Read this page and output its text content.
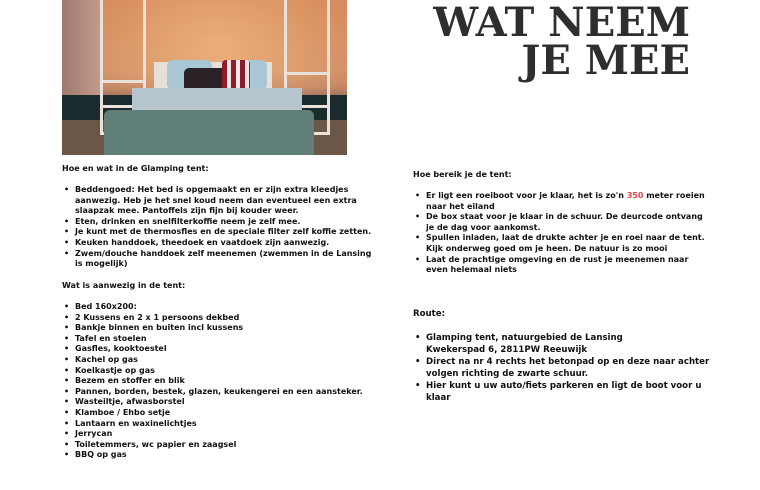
WAT NEEM
JE MEE
Hoe en wat in de Glamping tent:
• Beddengoed: Het bed is opgemaakt en er zijn extra kleedjes aanwezig. Heb je het snel koud neem dan eventueel een extra slaapzak mee. Pantoffels zijn fijn bij kouder weer.
• Eten, drinken en snelfilterkoffie neem je zelf mee.
• Je kunt met de thermosfles en de speciale filter zelf koffie zetten.
• Keuken handdoek, theedoek en vaatdoek zijn aanwezig.
• Zwem/douche handdoek zelf meenemen (zwemmen in de Lansing is mogelijk)
Wat is aanwezig in de tent:
• Bed 160x200:
• 2 Kussens en 2 x 1 persoons dekbed
• Bankje binnen en buiten incl kussens
• Tafel en stoelen
• Gasfles, kooktoestel
• Kachel op gas
• Koelkastje op gas
• Bezem en stoffer en blik
• Pannen, borden, bestek, glazen, keukengerei en een aansteker.
• Wasteiltje, afwasborstel
• Klamboe / Ehbo setje
• Lantaarn en waxinelichtjes
• Jerrycan
• Toiletemmers, wc papier en zaagsel
• BBQ op gas
Hoe bereik je de tent:
• Er ligt een roeiboot voor je klaar, het is zo'n 350 meter roeien naar het eiland
• De box staat voor je klaar in de schuur. De deurcode ontvang je de dag voor aankomst.
• Spullen inladen, laat de drukte achter je en roei naar de tent. Kijk onderweg goed om je heen. De natuur is zo mooi
• Laat de prachtige omgeving en de rust je meenemen naar even helemaal niets
Route:
• Glamping tent, natuurgebied de Lansing
Kwekerspad 6, 2811PW Reeuwijk
• Direct na nr 4 rechts het betonpad op en deze naar achter volgen richting de zwarte schuur.
• Hier kunt u uw auto/fiets parkeren en ligt de boot voor u klaar
